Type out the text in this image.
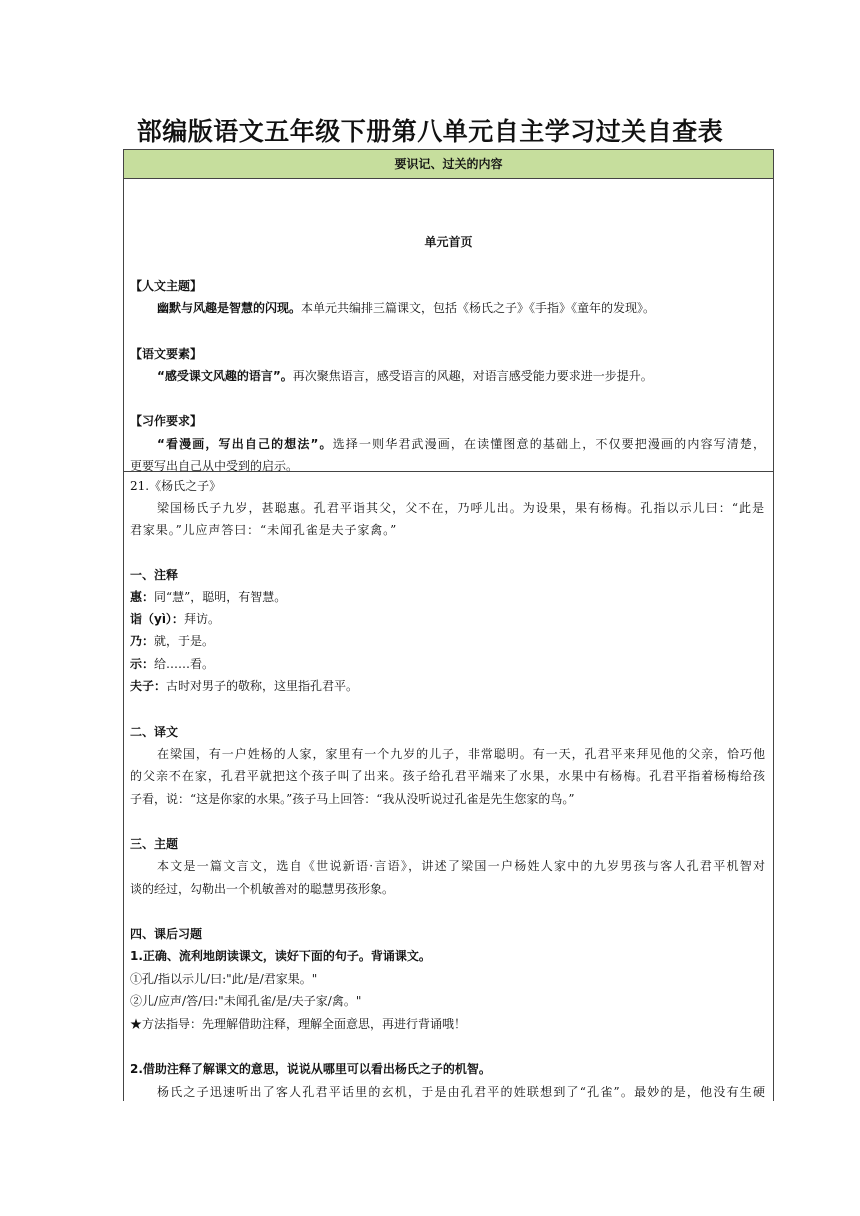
部编版语文五年级下册第八单元自主学习过关自查表
要识记、过关的内容
单元首页
【人文主题】
幽默与风趣是智慧的闪现。本单元共编排三篇课文，包括《杨氏之子》《手指》《童年的发现》。
【语文要素】
“感受课文风趣的语言”。再次聚焦语言，感受语言的风趣，对语言感受能力要求进一步提升。
【习作要求】
“看漫画，写出自己的想法”。选择一则华君武漫画，在读懂图意的基础上，不仅要把漫画的内容写清楚，
更要写出自己从中受到的启示。
21.《杨氏之子》
梁国杨氏子九岁，甚聪惠。孔君平诣其父，父不在，乃呼儿出。为设果，果有杨梅。孔指以示儿曰：“此是
君家果。”儿应声答曰：“未闻孔雀是夫子家禽。”
一、注释
惠：同“慧”，聪明，有智慧。
诣（yì）：拜访。
乃：就，于是。
示：给……看。
夫子：古时对男子的敬称，这里指孔君平。
二、译文
在梁国，有一户姓杨的人家，家里有一个九岁的儿子，非常聪明。有一天，孔君平来拜见他的父亲，恰巧他
的父亲不在家，孔君平就把这个孩子叫了出来。孩子给孔君平端来了水果，水果中有杨梅。孔君平指着杨梅给孩
子看，说：“这是你家的水果。”孩子马上回答：“我从没听说过孔雀是先生您家的鸟。”
三、主题
本文是一篇文言文，选自《世说新语·言语》，讲述了梁国一户杨姓人家中的九岁男孩与客人孔君平机智对
谈的经过，勾勒出一个机敏善对的聪慧男孩形象。
四、课后习题
1.正确、流利地朗读课文，读好下面的句子。背诵课文。
①孔/指以示儿/曰:"此/是/君家果。"
②儿/应声/答/曰:"未闻孔雀/是/夫子家/禽。"
★方法指导：先理解借助注释，理解全面意思，再进行背诵哦！
2.借助注释了解课文的意思，说说从哪里可以看出杨氏之子的机智。
杨氏之子迅速听出了客人孔君平话里的玄机，于是由孔君平的姓联想到了“孔雀”。最妙的是，他没有生硬
